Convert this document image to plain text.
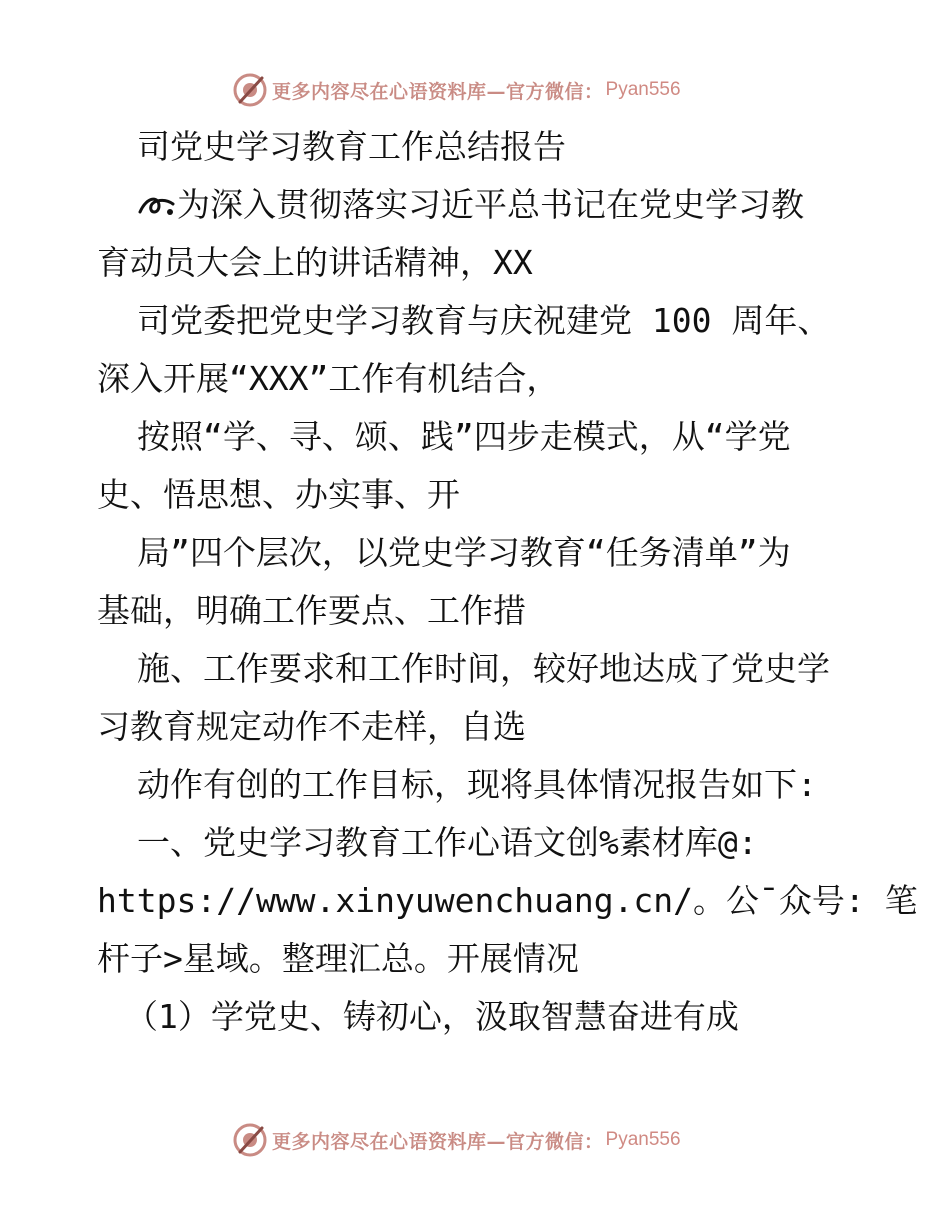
更多内容尽在心语资料库—官方微信： Pyan556
司党史学习教育工作总结报告
为深入贯彻落实习近平总书记在党史学习教
育动员大会上的讲话精神，XX
司党委把党史学习教育与庆祝建党 100 周年、
深入开展“XXX”工作有机结合，
按照“学、寻、颂、践”四步走模式，从“学党
史、悟思想、办实事、开
局”四个层次，以党史学习教育“任务清单”为
基础，明确工作要点、工作措
施、工作要求和工作时间，较好地达成了党史学
习教育规定动作不走样，自选
动作有创的工作目标，现将具体情况报告如下:
一、党史学习教育工作心语文创%素材库@:
https://www.xinyuwenchuang.cn/。公¯众号: 笔
杆子>星域。整理汇总。开展情况
（1）学党史、铸初心，汲取智慧奋进有成
更多内容尽在心语资料库—官方微信： Pyan556
